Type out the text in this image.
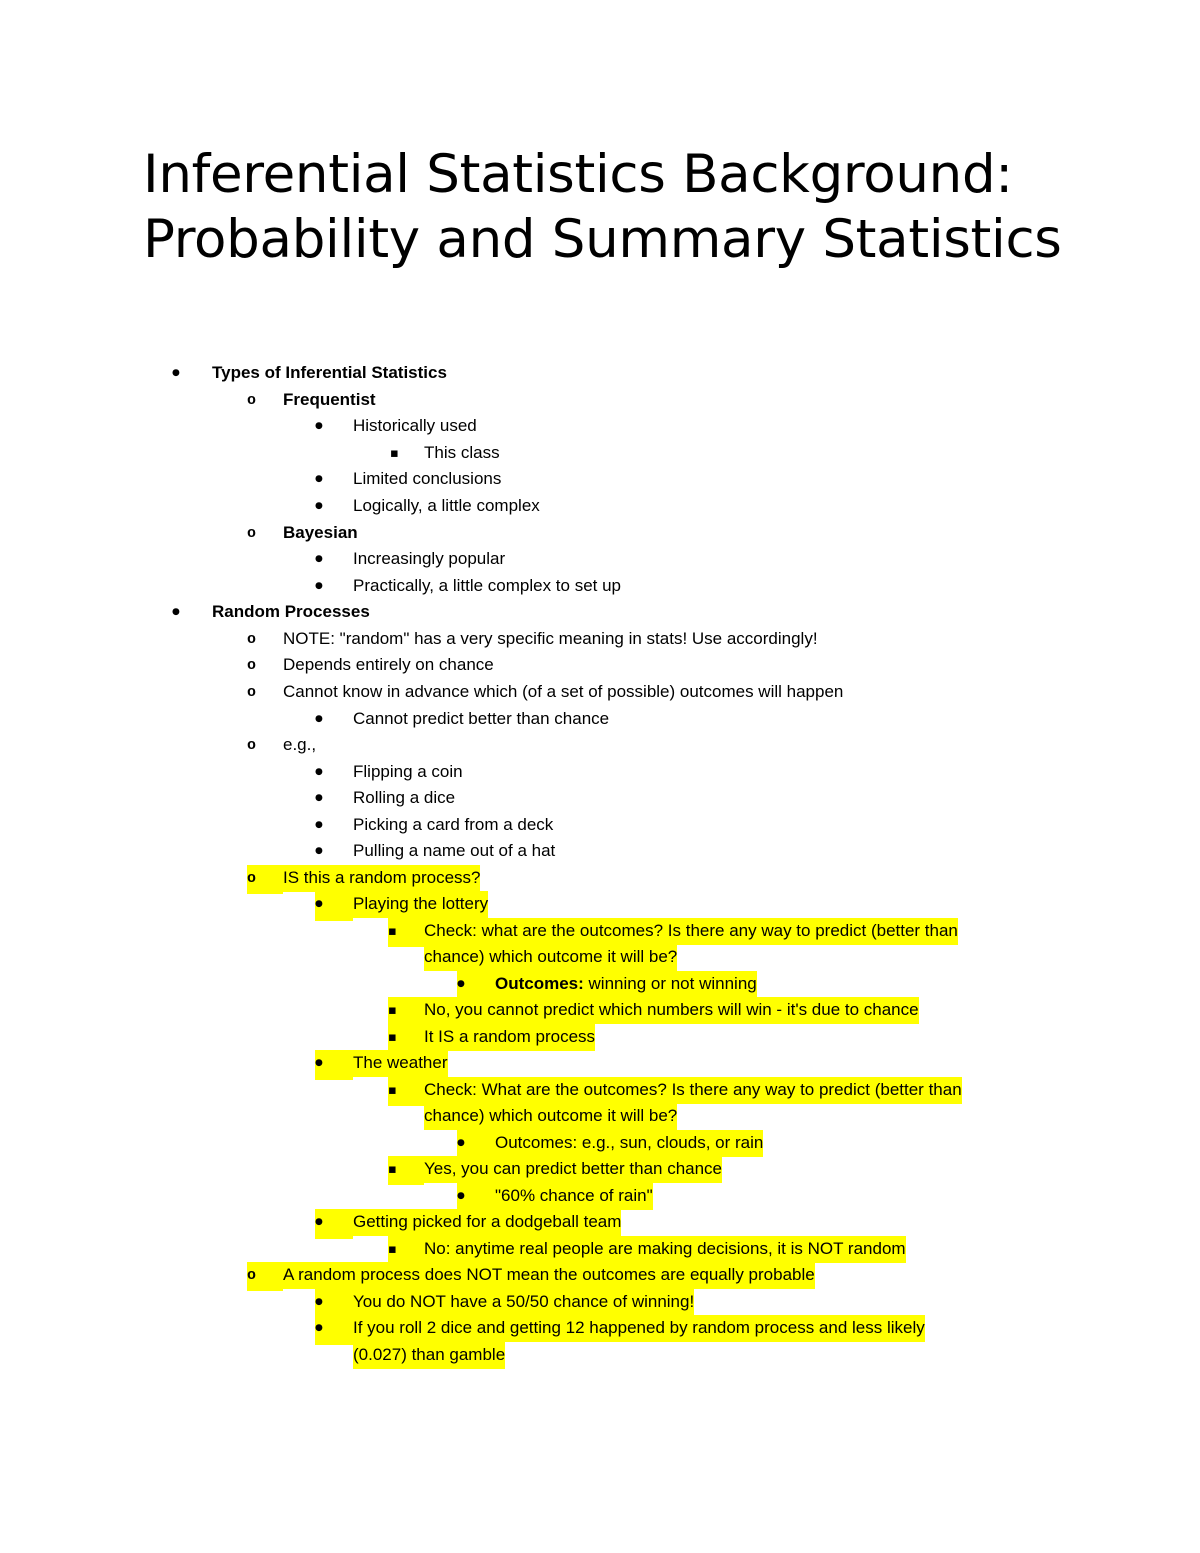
Inferential Statistics Background: Probability and Summary Statistics
●
Types of Inferential Statistics
o
Frequentist
●
Historically used
▪
This class
●
Limited conclusions
●
Logically, a little complex
o
Bayesian
●
Increasingly popular
●
Practically, a little complex to set up
●
Random Processes
o
NOTE: "random" has a very specific meaning in stats! Use accordingly!
o
Depends entirely on chance
o
Cannot know in advance which (of a set of possible) outcomes will happen
●
Cannot predict better than chance
o
e.g.,
●
Flipping a coin
●
Rolling a dice
●
Picking a card from a deck
●
Pulling a name out of a hat
o
IS this a random process?
●
Playing the lottery
▪
Check: what are the outcomes? Is there any way to predict (better than
chance) which outcome it will be?
●
Outcomes: winning or not winning
▪
No, you cannot predict which numbers will win - it's due to chance
▪
It IS a random process
●
The weather
▪
Check: What are the outcomes? Is there any way to predict (better than
chance) which outcome it will be?
●
Outcomes: e.g., sun, clouds, or rain
▪
Yes, you can predict better than chance
●
"60% chance of rain"
●
Getting picked for a dodgeball team
▪
No: anytime real people are making decisions, it is NOT random
o
A random process does NOT mean the outcomes are equally probable
●
You do NOT have a 50/50 chance of winning!
●
If you roll 2 dice and getting 12 happened by random process and less likely
(0.027) than gamble
